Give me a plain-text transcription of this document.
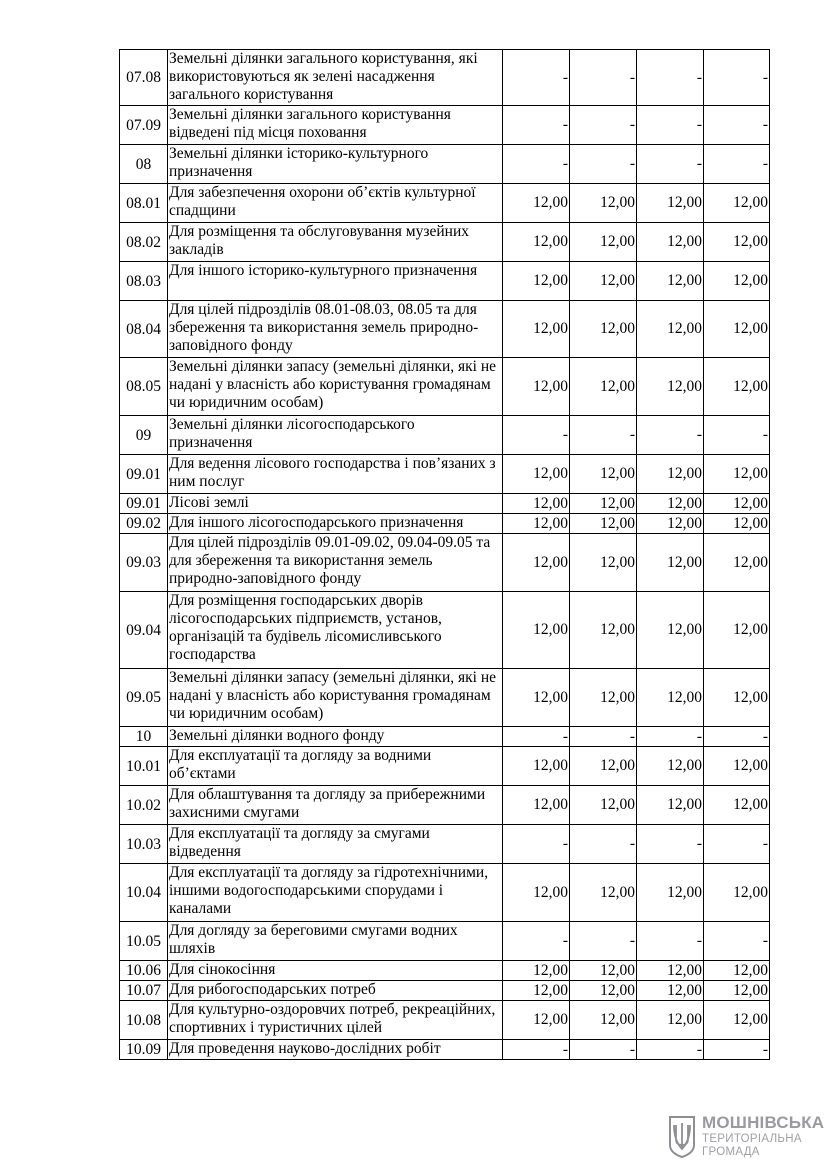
07.08	Земельні ділянки загального користування, які використовуються як зелені насадження загального користування	-	-	-	-
07.09	Земельні ділянки загального користування відведені під місця поховання	-	-	-	-
08	Земельні ділянки історико-культурного призначення	-	-	-	-
08.01	Для забезпечення охорони об’єктів культурної спадщини	12,00	12,00	12,00	12,00
08.02	Для розміщення та обслуговування музейних закладів	12,00	12,00	12,00	12,00
08.03	Для іншого історико-культурного призначення	12,00	12,00	12,00	12,00
08.04	Для цілей підрозділів 08.01-08.03, 08.05 та для збереження та використання земель природно-заповідного фонду	12,00	12,00	12,00	12,00
08.05	Земельні ділянки запасу (земельні ділянки, які не надані у власність або користування громадянам чи юридичним особам)	12,00	12,00	12,00	12,00
09	Земельні ділянки лісогосподарського призначення	-	-	-	-
09.01	Для ведення лісового господарства і пов’язаних з ним послуг	12,00	12,00	12,00	12,00
09.01	Лісові землі	12,00	12,00	12,00	12,00
09.02	Для іншого лісогосподарського призначення	12,00	12,00	12,00	12,00
09.03	Для цілей підрозділів 09.01-09.02, 09.04-09.05 та для збереження та використання земель природно-заповідного фонду	12,00	12,00	12,00	12,00
09.04	Для розміщення господарських дворів лісогосподарських підприємств, установ, організацій та будівель лісомисливського господарства	12,00	12,00	12,00	12,00
09.05	Земельні ділянки запасу (земельні ділянки, які не надані у власність або користування громадянам чи юридичним особам)	12,00	12,00	12,00	12,00
10	Земельні ділянки водного фонду	-	-	-	-
10.01	Для експлуатації та догляду за водними об’єктами	12,00	12,00	12,00	12,00
10.02	Для облаштування та догляду за прибережними захисними смугами	12,00	12,00	12,00	12,00
10.03	Для експлуатації та догляду за смугами відведення	-	-	-	-
10.04	Для експлуатації та догляду за гідротехнічними, іншими водогосподарськими спорудами і каналами	12,00	12,00	12,00	12,00
10.05	Для догляду за береговими смугами водних шляхів	-	-	-	-
10.06	Для сінокосіння	12,00	12,00	12,00	12,00
10.07	Для рибогосподарських потреб	12,00	12,00	12,00	12,00
10.08	Для культурно-оздоровчих потреб, рекреаційних, спортивних і туристичних цілей	12,00	12,00	12,00	12,00
10.09	Для проведення науково-дослідних робіт	-	-	-	-
МОШНІВСЬКА
ТЕРИТОРІАЛЬНА
ГРОМАДА
